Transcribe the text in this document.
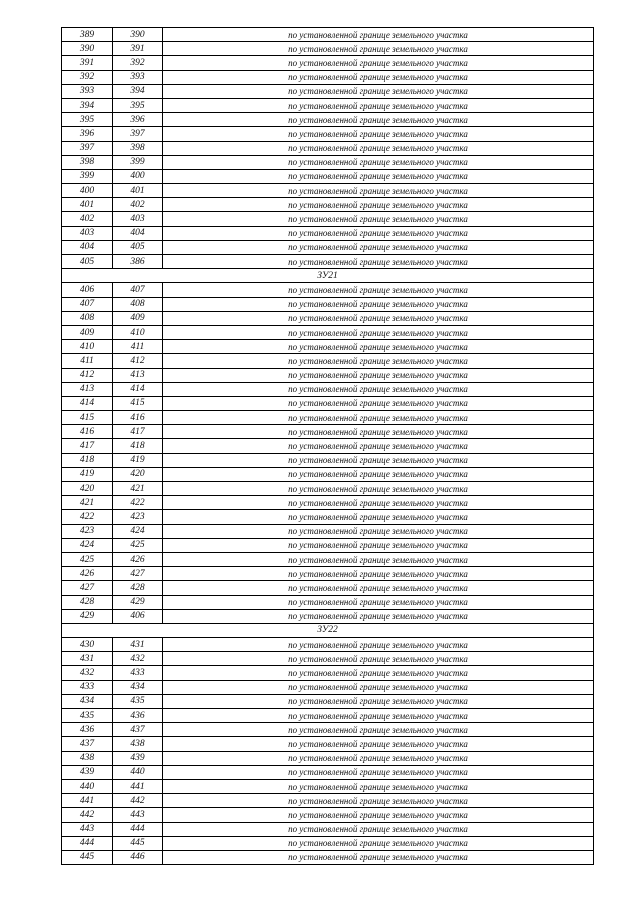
389	390	по установленной границе земельного участка
390	391	по установленной границе земельного участка
391	392	по установленной границе земельного участка
392	393	по установленной границе земельного участка
393	394	по установленной границе земельного участка
394	395	по установленной границе земельного участка
395	396	по установленной границе земельного участка
396	397	по установленной границе земельного участка
397	398	по установленной границе земельного участка
398	399	по установленной границе земельного участка
399	400	по установленной границе земельного участка
400	401	по установленной границе земельного участка
401	402	по установленной границе земельного участка
402	403	по установленной границе земельного участка
403	404	по установленной границе земельного участка
404	405	по установленной границе земельного участка
405	386	по установленной границе земельного участка
ЗУ21		
406	407	по установленной границе земельного участка
407	408	по установленной границе земельного участка
408	409	по установленной границе земельного участка
409	410	по установленной границе земельного участка
410	411	по установленной границе земельного участка
411	412	по установленной границе земельного участка
412	413	по установленной границе земельного участка
413	414	по установленной границе земельного участка
414	415	по установленной границе земельного участка
415	416	по установленной границе земельного участка
416	417	по установленной границе земельного участка
417	418	по установленной границе земельного участка
418	419	по установленной границе земельного участка
419	420	по установленной границе земельного участка
420	421	по установленной границе земельного участка
421	422	по установленной границе земельного участка
422	423	по установленной границе земельного участка
423	424	по установленной границе земельного участка
424	425	по установленной границе земельного участка
425	426	по установленной границе земельного участка
426	427	по установленной границе земельного участка
427	428	по установленной границе земельного участка
428	429	по установленной границе земельного участка
429	406	по установленной границе земельного участка
ЗУ22		
430	431	по установленной границе земельного участка
431	432	по установленной границе земельного участка
432	433	по установленной границе земельного участка
433	434	по установленной границе земельного участка
434	435	по установленной границе земельного участка
435	436	по установленной границе земельного участка
436	437	по установленной границе земельного участка
437	438	по установленной границе земельного участка
438	439	по установленной границе земельного участка
439	440	по установленной границе земельного участка
440	441	по установленной границе земельного участка
441	442	по установленной границе земельного участка
442	443	по установленной границе земельного участка
443	444	по установленной границе земельного участка
444	445	по установленной границе земельного участка
445	446	по установленной границе земельного участка
